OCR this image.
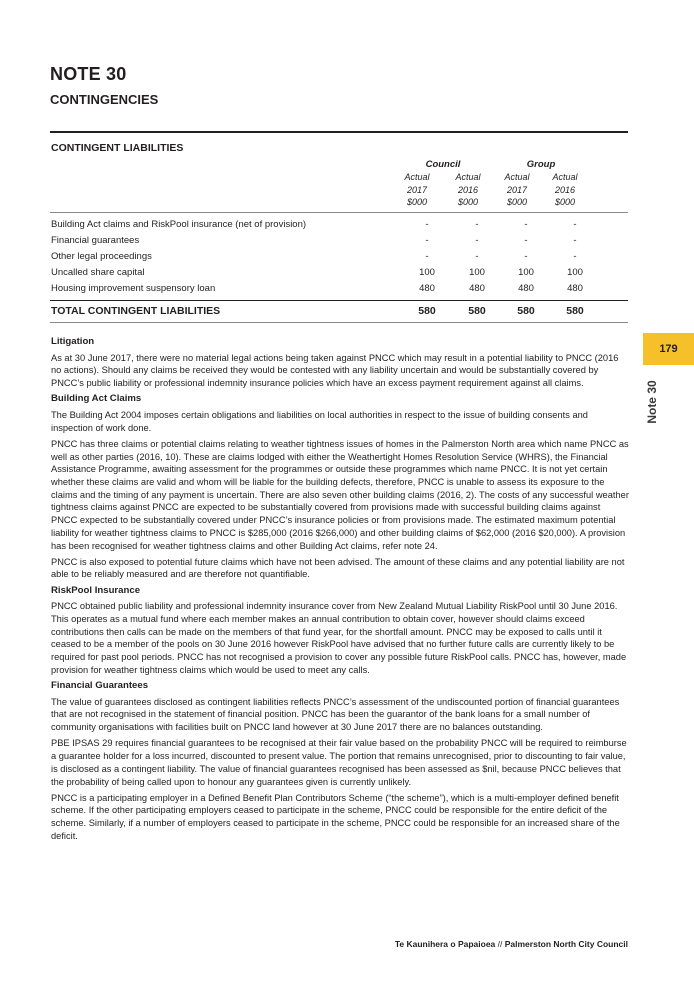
NOTE 30
CONTINGENCIES
CONTINGENT LIABILITIES
Council	Group
Actual
2017
$000
Actual
2016
$000
Actual
2017
$000
Actual
2016
$000
Building Act claims and RiskPool insurance (net of provision)	-	-	-	-
Financial guarantees	-	-	-	-
Other legal proceedings	-	-	-	-
Uncalled share capital	100	100	100	100
Housing improvement suspensory loan	480	480	480	480
TOTAL CONTINGENT LIABILITIES	580	580	580	580
Litigation

As at 30 June 2017, there were no material legal actions being taken against PNCC which may result in a potential liability to PNCC (2016 no actions). Should any claims be received they would be contested with any liability uncertain and would be substantially covered by PNCC’s public liability or professional indemnity insurance policies which have an excess payment requirement against all claims.

Building Act Claims

The Building Act 2004 imposes certain obligations and liabilities on local authorities in respect to the issue of building consents and inspection of work done.

PNCC has three claims or potential claims relating to weather tightness issues of homes in the Palmerston North area which name PNCC as well as other parties (2016, 10). These are claims lodged with either the Weathertight Homes Resolution Service (WHRS), the Financial Assistance Programme, awaiting assessment for the programmes or outside these programmes which name PNCC. It is not yet certain whether these claims are valid and whom will be liable for the building defects, therefore, PNCC is unable to assess its exposure to the claims and the timing of any payment is uncertain. There are also seven other building claims (2016, 2). The costs of any successful weather tightness claims against PNCC are expected to be substantially covered from provisions made with successful building claims against PNCC expected to be substantially covered under PNCC’s insurance policies or from provisions made. The estimated maximum potential liability for weather tightness claims to PNCC is $285,000 (2016 $266,000) and other building claims of $62,000 (2016 $20,000). A provision has been recognised for weather tightness claims and other Building Act claims, refer note 24.

PNCC is also exposed to potential future claims which have not been advised. The amount of these claims and any potential liability are not able to be reliably measured and are therefore not quantifiable.

RiskPool Insurance

PNCC obtained public liability and professional indemnity insurance cover from New Zealand Mutual Liability RiskPool until 30 June 2016. This operates as a mutual fund where each member makes an annual contribution to obtain cover, however should claims exceed contributions then calls can be made on the members of that fund year, for the shortfall amount. PNCC may be exposed to calls until it ceased to be a member of the pools on 30 June 2016 however RiskPool have advised that no further future calls are currently likely to be required for past pool periods. PNCC has not recognised a provision to cover any possible future RiskPool calls. PNCC has, however, made provision for weather tightness claims which would be used to meet any calls.

Financial Guarantees

The value of guarantees disclosed as contingent liabilities reflects PNCC’s assessment of the undiscounted portion of financial guarantees that are not recognised in the statement of financial position. PNCC has been the guarantor of the bank loans for a small number of community organisations with facilities built on PNCC land however at 30 June 2017 there are no balances outstanding.

PBE IPSAS 29 requires financial guarantees to be recognised at their fair value based on the probability PNCC will be required to reimburse a guarantee holder for a loss incurred, discounted to present value. The portion that remains unrecognised, prior to discounting to fair value, is disclosed as a contingent liability. The value of financial guarantees recognised has been assessed as $nil, because PNCC believes that the probability of being called upon to honour any guarantees given is currently unlikely.

PNCC is a participating employer in a Defined Benefit Plan Contributors Scheme (“the scheme”), which is a multi-employer defined benefit scheme. If the other participating employers ceased to participate in the scheme, PNCC could be responsible for the entire deficit of the scheme. Similarly, if a number of employers ceased to participate in the scheme, PNCC could be responsible for an increased share of the deficit.

179
Note 30
Te Kaunihera o Papaioea // Palmerston North City Council
